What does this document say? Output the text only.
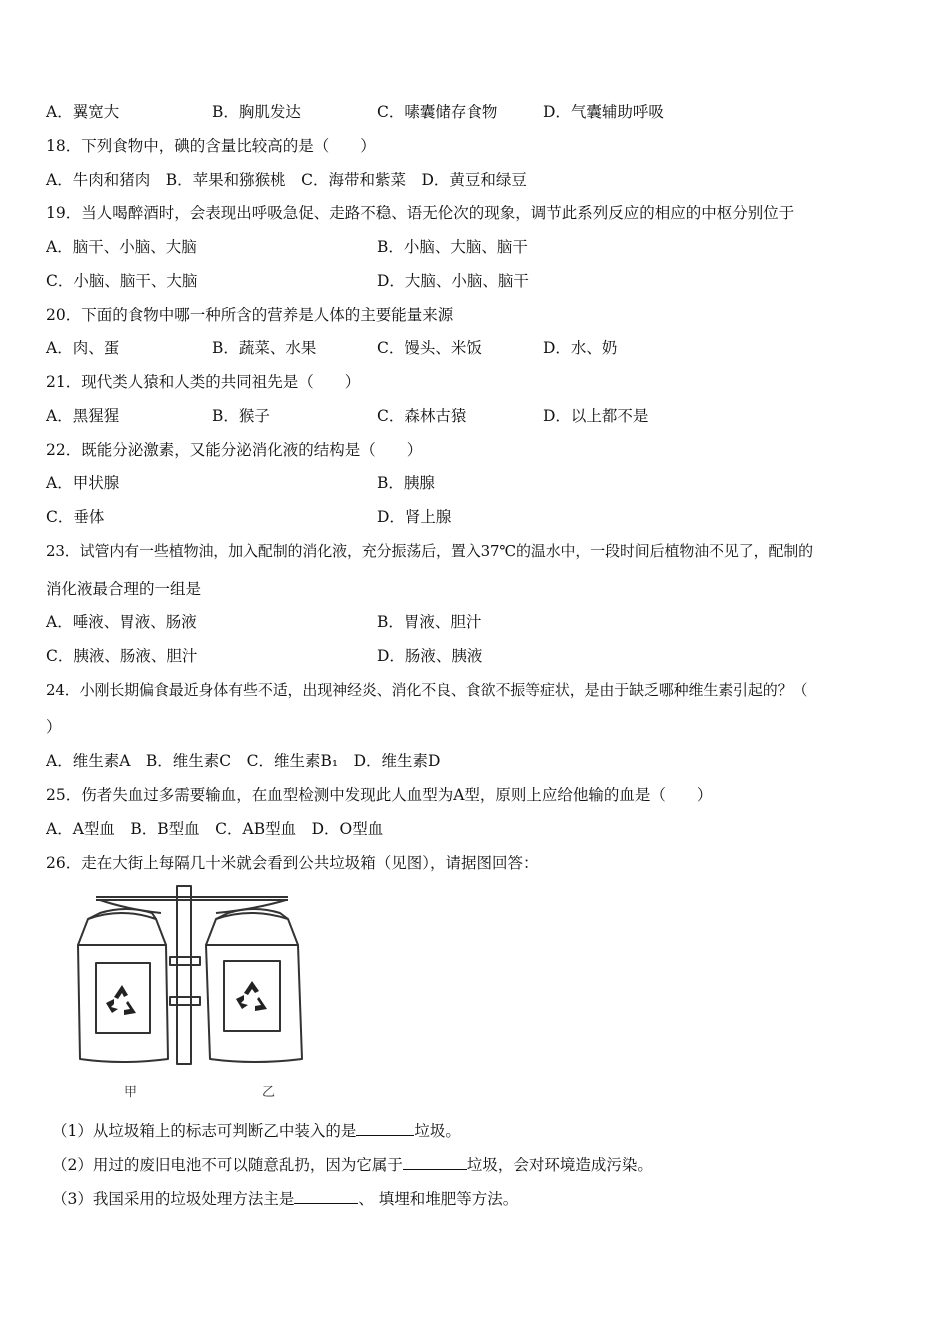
A．翼宽大	B．胸肌发达	C．嗉囊储存食物	D．气囊辅助呼吸
18．下列食物中，碘的含量比较高的是（　　）
A．牛肉和猪肉　B．苹果和猕猴桃　C．海带和紫菜　D．黄豆和绿豆
19．当人喝醉酒时，会表现出呼吸急促、走路不稳、语无伦次的现象，调节此系列反应的相应的中枢分别位于
A．脑干、小脑、大脑	B．小脑、大脑、脑干
C．小脑、脑干、大脑	D．大脑、小脑、脑干
20．下面的食物中哪一种所含的营养是人体的主要能量来源
A．肉、蛋	B．蔬菜、水果	C．馒头、米饭	D．水、奶
21．现代类人猿和人类的共同祖先是（　　）
A．黑猩猩	B．猴子	C．森林古猿	D．以上都不是
22．既能分泌激素，又能分泌消化液的结构是（　　）
A．甲状腺	B．胰腺
C．垂体	D．肾上腺
23．试管内有一些植物油，加入配制的消化液，充分振荡后，置入37℃的温水中，一段时间后植物油不见了，配制的
消化液最合理的一组是
A．唾液、胃液、肠液	B．胃液、胆汁
C．胰液、肠液、胆汁	D．肠液、胰液
24．小刚长期偏食最近身体有些不适，出现神经炎、消化不良、食欲不振等症状，是由于缺乏哪种维生素引起的？（
）
A．维生素A　B．维生素C　C．维生素B₁　D．维生素D
25．伤者失血过多需要输血，在血型检测中发现此人血型为A型，原则上应给他输的血是（　　）
A．A型血　B．B型血　C．AB型血　D．O型血
26．走在大街上每隔几十米就会看到公共垃圾箱（见图），请据图回答：
甲	乙
（1）从垃圾箱上的标志可判断乙中装入的是	垃圾。
（2）用过的废旧电池不可以随意乱扔，因为它属于	垃圾，会对环境造成污染。
（3）我国采用的垃圾处理方法主是	、 填埋和堆肥等方法。
